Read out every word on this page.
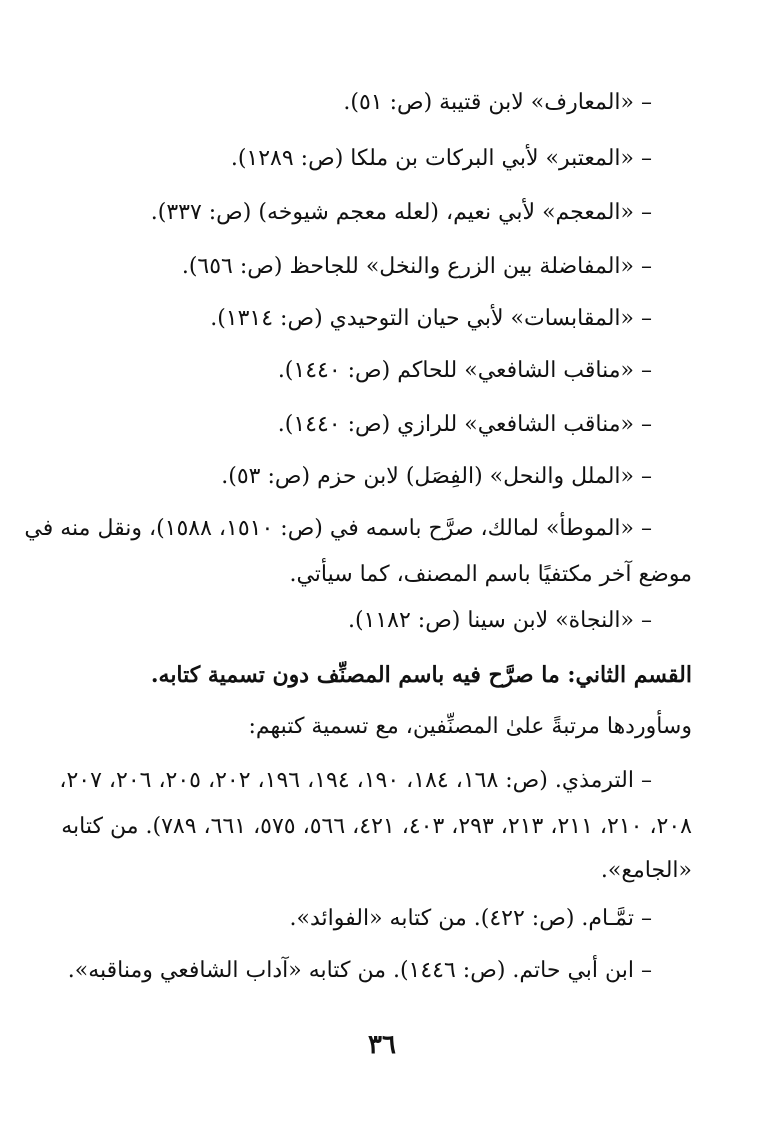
– «المعارف» لابن قتيبة (ص: ٥١).
– «المعتبر» لأبي البركات بن ملكا (ص: ١٢٨٩).
– «المعجم» لأبي نعيم، (لعله معجم شيوخه) (ص: ٣٣٧).
– «المفاضلة بين الزرع والنخل» للجاحظ (ص: ٦٥٦).
– «المقابسات» لأبي حيان التوحيدي (ص: ١٣١٤).
– «مناقب الشافعي» للحاكم (ص: ١٤٤٠).
– «مناقب الشافعي» للرازي (ص: ١٤٤٠).
– «الملل والنحل» (الفِصَل) لابن حزم (ص: ٥٣).
– «الموطأ» لمالك، صرَّح باسمه في (ص: ١٥١٠، ١٥٨٨)، ونقل منه في
موضع آخر مكتفيًا باسم المصنف، كما سيأتي.
– «النجاة» لابن سينا (ص: ١١٨٢).
القسم الثاني: ما صرَّح فيه باسم المصنِّف دون تسمية كتابه.
وسأوردها مرتبةً علىٰ المصنِّفين، مع تسمية كتبهم:
– الترمذي. (ص: ١٦٨، ١٨٤، ١٩٠، ١٩٤، ١٩٦، ٢٠٢، ٢٠٥، ٢٠٦، ٢٠٧،
٢٠٨، ٢١٠، ٢١١، ٢١٣، ٢٩٣، ٤٠٣، ٤٢١، ٥٦٦، ٥٧٥، ٦٦١، ٧٨٩). من كتابه
«الجامع».
– تمَّـام. (ص: ٤٢٢). من كتابه «الفوائد».
– ابن أبي حاتم. (ص: ١٤٤٦). من كتابه «آداب الشافعي ومناقبه».
٣٦
